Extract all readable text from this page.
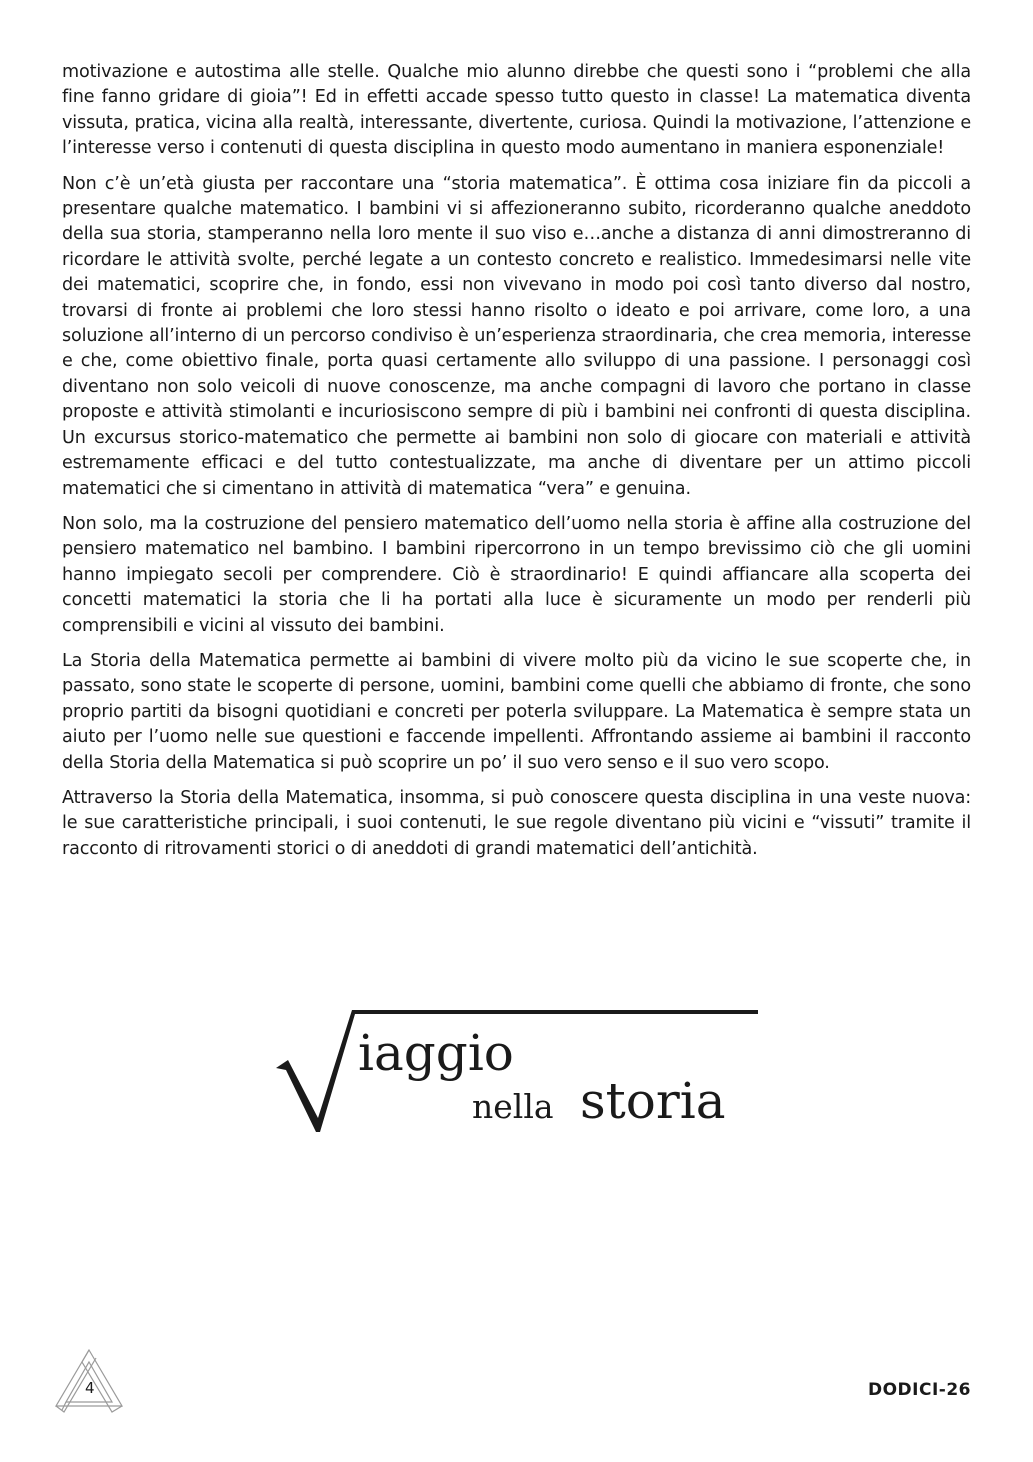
motivazione e autostima alle stelle. Qualche mio alunno direbbe che questi sono i “problemi che alla fine fanno gridare di gioia”! Ed in effetti accade spesso tutto questo in classe! La matematica diventa vissuta, pratica, vicina alla realtà, interessante, divertente, curiosa. Quindi la motivazione, l’attenzione e l’interesse verso i contenuti di questa disciplina in questo modo aumentano in maniera esponenziale!

Non c’è un’età giusta per raccontare una “storia matematica”. È ottima cosa iniziare fin da piccoli a presentare qualche matematico. I bambini vi si affezioneranno subito, ricorderanno qualche aneddoto della sua storia, stamperanno nella loro mente il suo viso e…anche a distanza di anni dimostreranno di ricordare le attività svolte, perché legate a un contesto concreto e realistico. Immedesimarsi nelle vite dei matematici, scoprire che, in fondo, essi non vivevano in modo poi così tanto diverso dal nostro, trovarsi di fronte ai problemi che loro stessi hanno risolto o ideato e poi arrivare, come loro, a una soluzione all’interno di un percorso condiviso è un’esperienza straordinaria, che crea memoria, interesse e che, come obiettivo finale, porta quasi certamente allo sviluppo di una passione. I personaggi così diventano non solo veicoli di nuove conoscenze, ma anche compagni di lavoro che portano in classe proposte e attività stimolanti e incuriosiscono sempre di più i bambini nei confronti di questa disciplina. Un excursus storico-matematico che permette ai bambini non solo di giocare con materiali e attività estremamente efficaci e del tutto contestualizzate, ma anche di diventare per un attimo piccoli matematici che si cimentano in attività di matematica “vera” e genuina.

Non solo, ma la costruzione del pensiero matematico dell’uomo nella storia è affine alla costruzione del pensiero matematico nel bambino. I bambini ripercorrono in un tempo brevissimo ciò che gli uomini hanno impiegato secoli per comprendere. Ciò è straordinario! E quindi affiancare alla scoperta dei concetti matematici la storia che li ha portati alla luce è sicuramente un modo per renderli più comprensibili e vicini al vissuto dei bambini.

La Storia della Matematica permette ai bambini di vivere molto più da vicino le sue scoperte che, in passato, sono state le scoperte di persone, uomini, bambini come quelli che abbiamo di fronte, che sono proprio partiti da bisogni quotidiani e concreti per poterla sviluppare. La Matematica è sempre stata un aiuto per l’uomo nelle sue questioni e faccende impellenti. Affrontando assieme ai bambini il racconto della Storia della Matematica si può scoprire un po’ il suo vero senso e il suo vero scopo.

Attraverso la Storia della Matematica, insomma, si può conoscere questa disciplina in una veste nuova: le sue caratteristiche principali, i suoi contenuti, le sue regole diventano più vicini e “vissuti” tramite il racconto di ritrovamenti storici o di aneddoti di grandi matematici dell’antichità.

iaggio
nella storia
4	DODICI-26
